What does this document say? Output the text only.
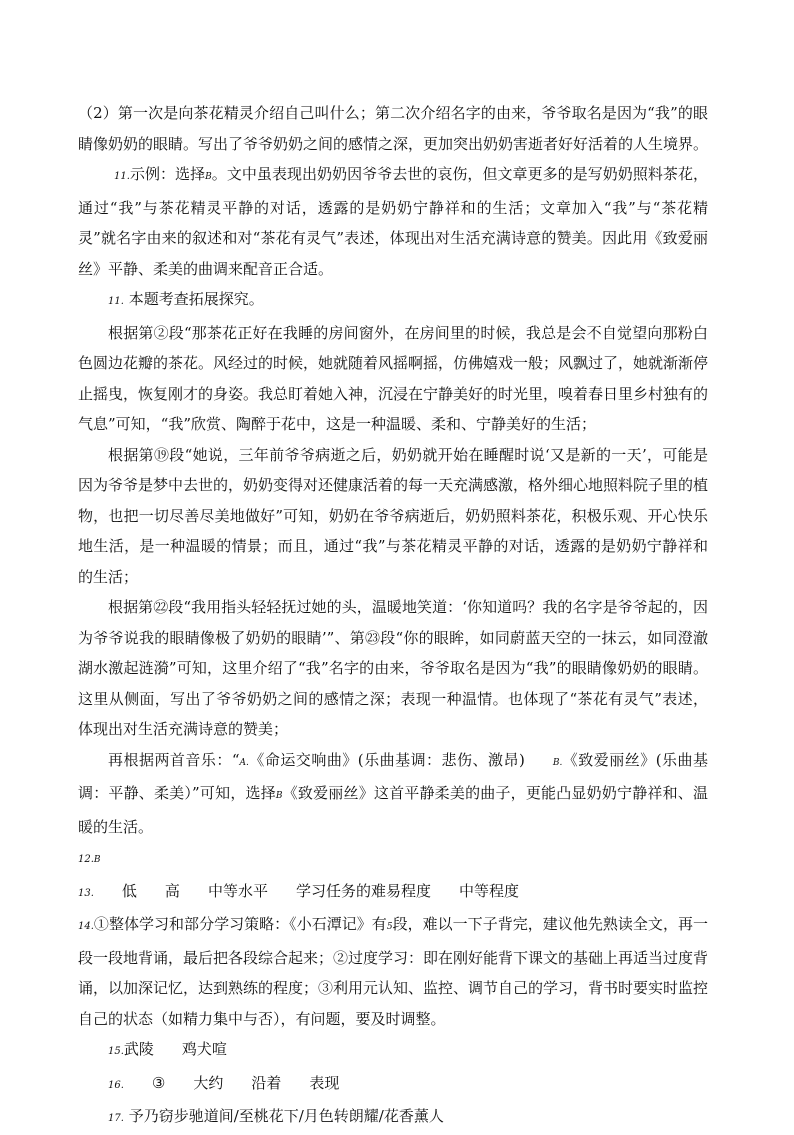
（2）第一次是向茶花精灵介绍自己叫什么；第二次介绍名字的由来，爷爷取名是因为“我”的眼睛像奶奶的眼睛。写出了爷爷奶奶之间的感情之深，更加突出奶奶害逝者好好活着的人生境界。11.示例：选择B。文中虽表现出奶奶因爷爷去世的哀伤，但文章更多的是写奶奶照料茶花，通过“我”与茶花精灵平静的对话，透露的是奶奶宁静祥和的生活；文章加入“我”与“茶花精灵”就名字由来的叙述和对“茶花有灵气”表述，体现出对生活充满诗意的赞美。因此用《致爱丽丝》平静、柔美的曲调来配音正合适。

11. 本题考查拓展探究。

根据第②段“那茶花正好在我睡的房间窗外，在房间里的时候，我总是会不自觉望向那粉白色圆边花瓣的茶花。风经过的时候，她就随着风摇啊摇，仿佛嬉戏一般；风飘过了，她就渐渐停止摇曳，恢复刚才的身姿。我总盯着她入神，沉浸在宁静美好的时光里，嗅着春日里乡村独有的气息”可知，“我”欣赏、陶醉于花中，这是一种温暖、柔和、宁静美好的生活；

根据第⑲段“她说，三年前爷爷病逝之后，奶奶就开始在睡醒时说‘又是新的一天’，可能是因为爷爷是梦中去世的，奶奶变得对还健康活着的每一天充满感激，格外细心地照料院子里的植物，也把一切尽善尽美地做好”可知，奶奶在爷爷病逝后，奶奶照料茶花，积极乐观、开心快乐地生活，是一种温暖的情景；而且，通过“我”与茶花精灵平静的对话，透露的是奶奶宁静祥和的生活；

根据第㉒段“我用指头轻轻抚过她的头，温暖地笑道：‘你知道吗？我的名字是爷爷起的，因为爷爷说我的眼睛像极了奶奶的眼睛’”、第㉓段“你的眼眸，如同蔚蓝天空的一抹云，如同澄澈湖水激起涟漪”可知，这里介绍了“我”名字的由来，爷爷取名是因为“我”的眼睛像奶奶的眼睛。这里从侧面，写出了爷爷奶奶之间的感情之深；表现一种温情。也体现了“茶花有灵气”表述，体现出对生活充满诗意的赞美；

再根据两首音乐：“A.《命运交响曲》(乐曲基调：悲伤、激昂)	B.《致爱丽丝》(乐曲基调：平静、柔美）”可知，选择B《致爱丽丝》这首平静柔美的曲子，更能凸显奶奶宁静祥和、温暖的生活。

12.B

13. 低 高 中等水平 学习任务的难易程度 中等程度

14.①整体学习和部分学习策略：《小石潭记》有5段，难以一下子背完，建议他先熟读全文，再一段一段地背诵，最后把各段综合起来；②过度学习：即在刚好能背下课文的基础上再适当过度背诵，以加深记忆，达到熟练的程度；③利用元认知、监控、调节自己的学习，背书时要实时监控自己的状态（如精力集中与否），有问题，要及时调整。

15.武陵 鸡犬喧

16. ③ 大约 沿着 表现

17. 予乃窃步驰道间/至桃花下/月色转朗耀/花香薰人
